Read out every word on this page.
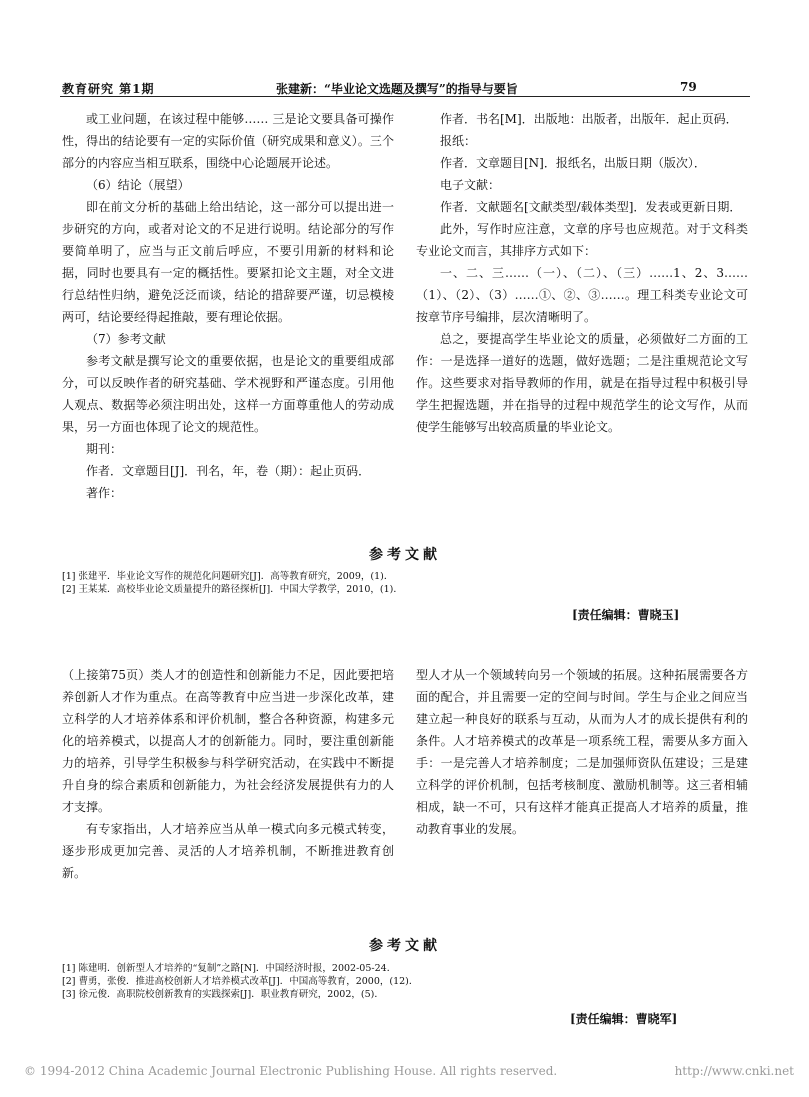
教育研究 第1期	张建新：“毕业论文选题及撰写”的指导与要旨	79

或工业问题，在该过程中能够…… 三是论文要具备可操作性，得出的结论要有一定的实际价值（研究成果和意义）。三个部分的内容应当相互联系，围绕中心论题展开论述。

（6）结论（展望）

即在前文分析的基础上给出结论，这一部分可以提出进一步研究的方向，或者对论文的不足进行说明。结论部分的写作要简单明了，应当与正文前后呼应，不要引用新的材料和论据，同时也要具有一定的概括性。要紧扣论文主题，对全文进行总结性归纳，避免泛泛而谈，结论的措辞要严谨，切忌模棱两可，结论要经得起推敲，要有理论依据。

（7）参考文献

参考文献是撰写论文的重要依据，也是论文的重要组成部分，可以反映作者的研究基础、学术视野和严谨态度。引用他人观点、数据等必须注明出处，这样一方面尊重他人的劳动成果，另一方面也体现了论文的规范性。

期刊：

作者．文章题目[J]．刊名，年，卷（期）：起止页码．

著作：

作者．书名[M]．出版地：出版者，出版年．起止页码．

报纸：

作者．文章题目[N]．报纸名，出版日期（版次）．

电子文献：

作者．文献题名[文献类型/载体类型]．发表或更新日期．

此外，写作时应注意，文章的序号也应规范。对于文科类专业论文而言，其排序方式如下：

一、二、三……（一）、（二）、（三）……1、2、3……（1）、（2）、（3）……①、②、③……。理工科类专业论文可按章节序号编排，层次清晰明了。

总之，要提高学生毕业论文的质量，必须做好二方面的工作：一是选择一道好的选题，做好选题；二是注重规范论文写作。这些要求对指导教师的作用，就是在指导过程中积极引导学生把握选题，并在指导的过程中规范学生的论文写作，从而使学生能够写出较高质量的毕业论文。

参考文献

[1] 张建平．毕业论文写作的规范化问题研究[J]．高等教育研究，2009，(1)．

[2] 王某某．高校毕业论文质量提升的路径探析[J]．中国大学教学，2010，(1)．

[责任编辑：曹晓玉]

（上接第75页）类人才的创造性和创新能力不足，因此要把培养创新人才作为重点。在高等教育中应当进一步深化改革，建立科学的人才培养体系和评价机制，整合各种资源，构建多元化的培养模式，以提高人才的创新能力。同时，要注重创新能力的培养，引导学生积极参与科学研究活动，在实践中不断提升自身的综合素质和创新能力，为社会经济发展提供有力的人才支撑。

有专家指出，人才培养应当从单一模式向多元模式转变，逐步形成更加完善、灵活的人才培养机制，不断推进教育创新。

型人才从一个领域转向另一个领域的拓展。这种拓展需要各方面的配合，并且需要一定的空间与时间。学生与企业之间应当建立起一种良好的联系与互动，从而为人才的成长提供有利的条件。人才培养模式的改革是一项系统工程，需要从多方面入手：一是完善人才培养制度；二是加强师资队伍建设；三是建立科学的评价机制，包括考核制度、激励机制等。这三者相辅相成，缺一不可，只有这样才能真正提高人才培养的质量，推动教育事业的发展。

参考文献

[1] 陈建明．创新型人才培养的“复制”之路[N]．中国经济时报，2002-05-24．

[2] 曹勇，张俊．推进高校创新人才培养模式改革[J]．中国高等教育，2000，(12)．

[3] 徐元俊．高职院校创新教育的实践探索[J]．职业教育研究，2002，(5)．

[责任编辑：曹晓军]
© 1994-2012 China Academic Journal Electronic Publishing House. All rights reserved.	http://www.cnki.net
